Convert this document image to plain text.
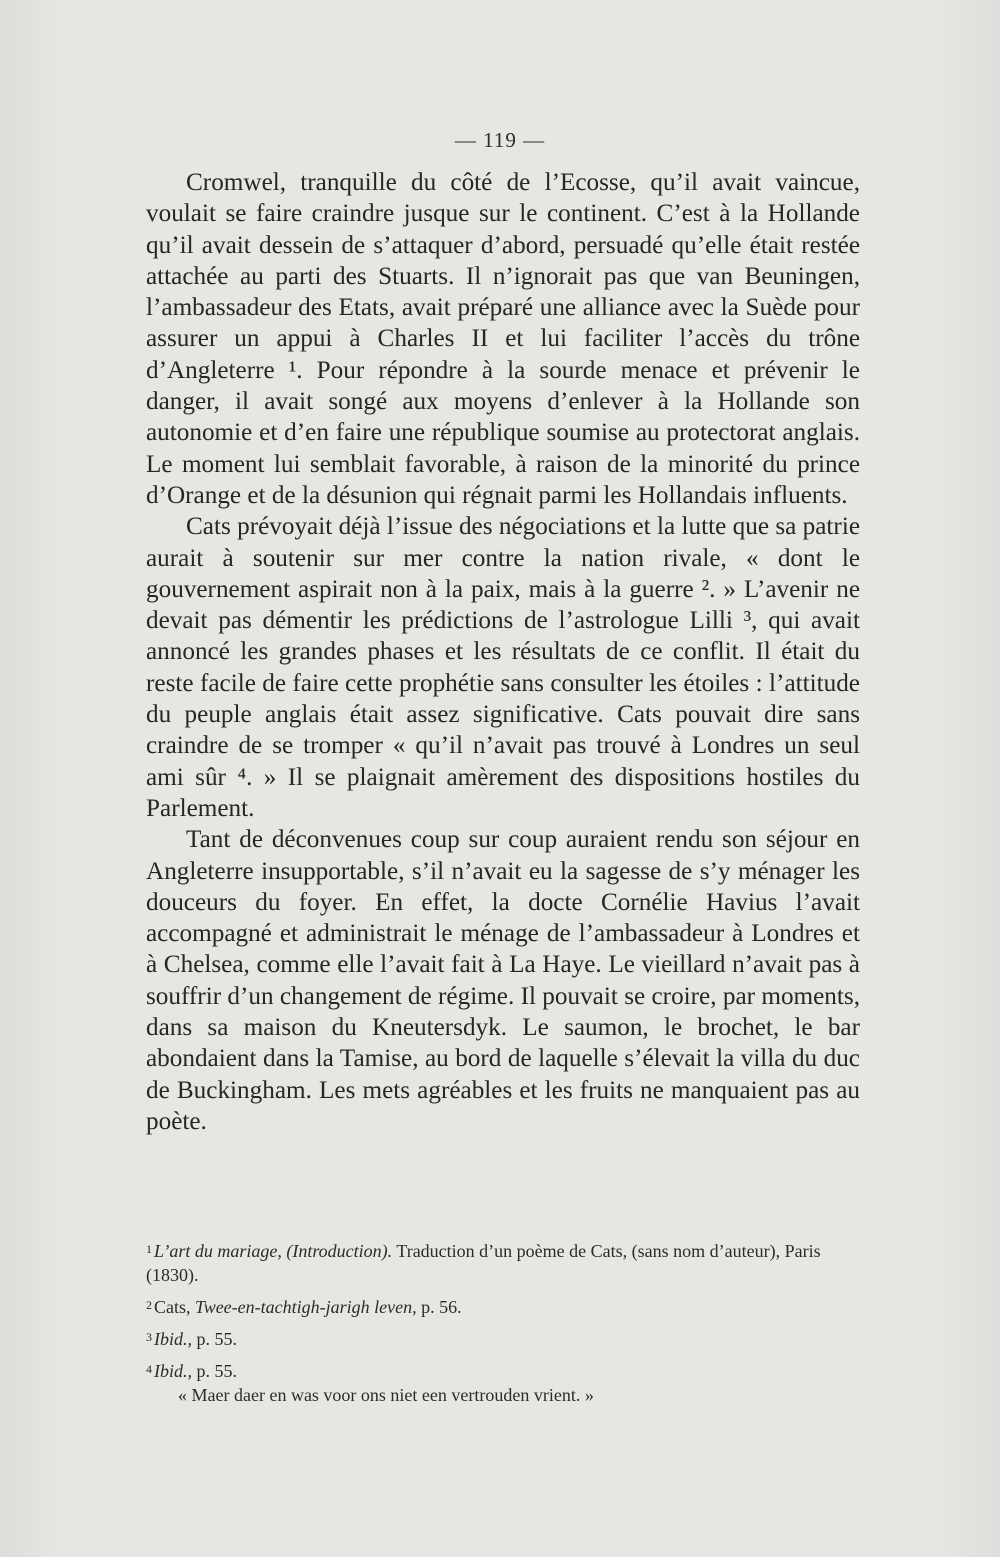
— 119 —

Cromwel, tranquille du côté de l’Ecosse, qu’il avait vaincue, voulait se faire craindre jusque sur le continent. C’est à la Hollande qu’il avait dessein de s’attaquer d’abord, persuadé qu’elle était restée attachée au parti des Stuarts. Il n’ignorait pas que van Beuningen, l’ambassadeur des Etats, avait préparé une alliance avec la Suède pour assurer un appui à Charles II et lui faciliter l’accès du trône d’Angleterre ¹. Pour répondre à la sourde menace et prévenir le danger, il avait songé aux moyens d’enlever à la Hollande son autonomie et d’en faire une république soumise au protectorat anglais. Le moment lui semblait favorable, à raison de la minorité du prince d’Orange et de la désunion qui régnait parmi les Hollandais influents.

Cats prévoyait déjà l’issue des négociations et la lutte que sa patrie aurait à soutenir sur mer contre la nation rivale, « dont le gouvernement aspirait non à la paix, mais à la guerre ². » L’avenir ne devait pas démentir les prédictions de l’astrologue Lilli ³, qui avait annoncé les grandes phases et les résultats de ce conflit. Il était du reste facile de faire cette prophétie sans consulter les étoiles : l’attitude du peuple anglais était assez significative. Cats pouvait dire sans craindre de se tromper « qu’il n’avait pas trouvé à Londres un seul ami sûr ⁴. » Il se plaignait amèrement des dispositions hostiles du Parlement.

Tant de déconvenues coup sur coup auraient rendu son séjour en Angleterre insupportable, s’il n’avait eu la sagesse de s’y ménager les douceurs du foyer. En effet, la docte Cornélie Havius l’avait accompagné et administrait le ménage de l’ambassadeur à Londres et à Chelsea, comme elle l’avait fait à La Haye. Le vieillard n’avait pas à souffrir d’un changement de régime. Il pouvait se croire, par moments, dans sa maison du Kneutersdyk. Le saumon, le brochet, le bar abondaient dans la Tamise, au bord de laquelle s’élevait la villa du duc de Buckingham. Les mets agréables et les fruits ne manquaient pas au poète.

$^1$ L’art du mariage, (Introduction). Traduction d’un poème de Cats, (sans nom d’auteur), Paris (1830).
$^2$ Cats, Twee-en-tachtigh-jarigh leven, p. 56.
$^3$ Ibid., p. 55.
$^4$ Ibid., p. 55.
« Maer daer en was voor ons niet een vertrouden vrient. »
